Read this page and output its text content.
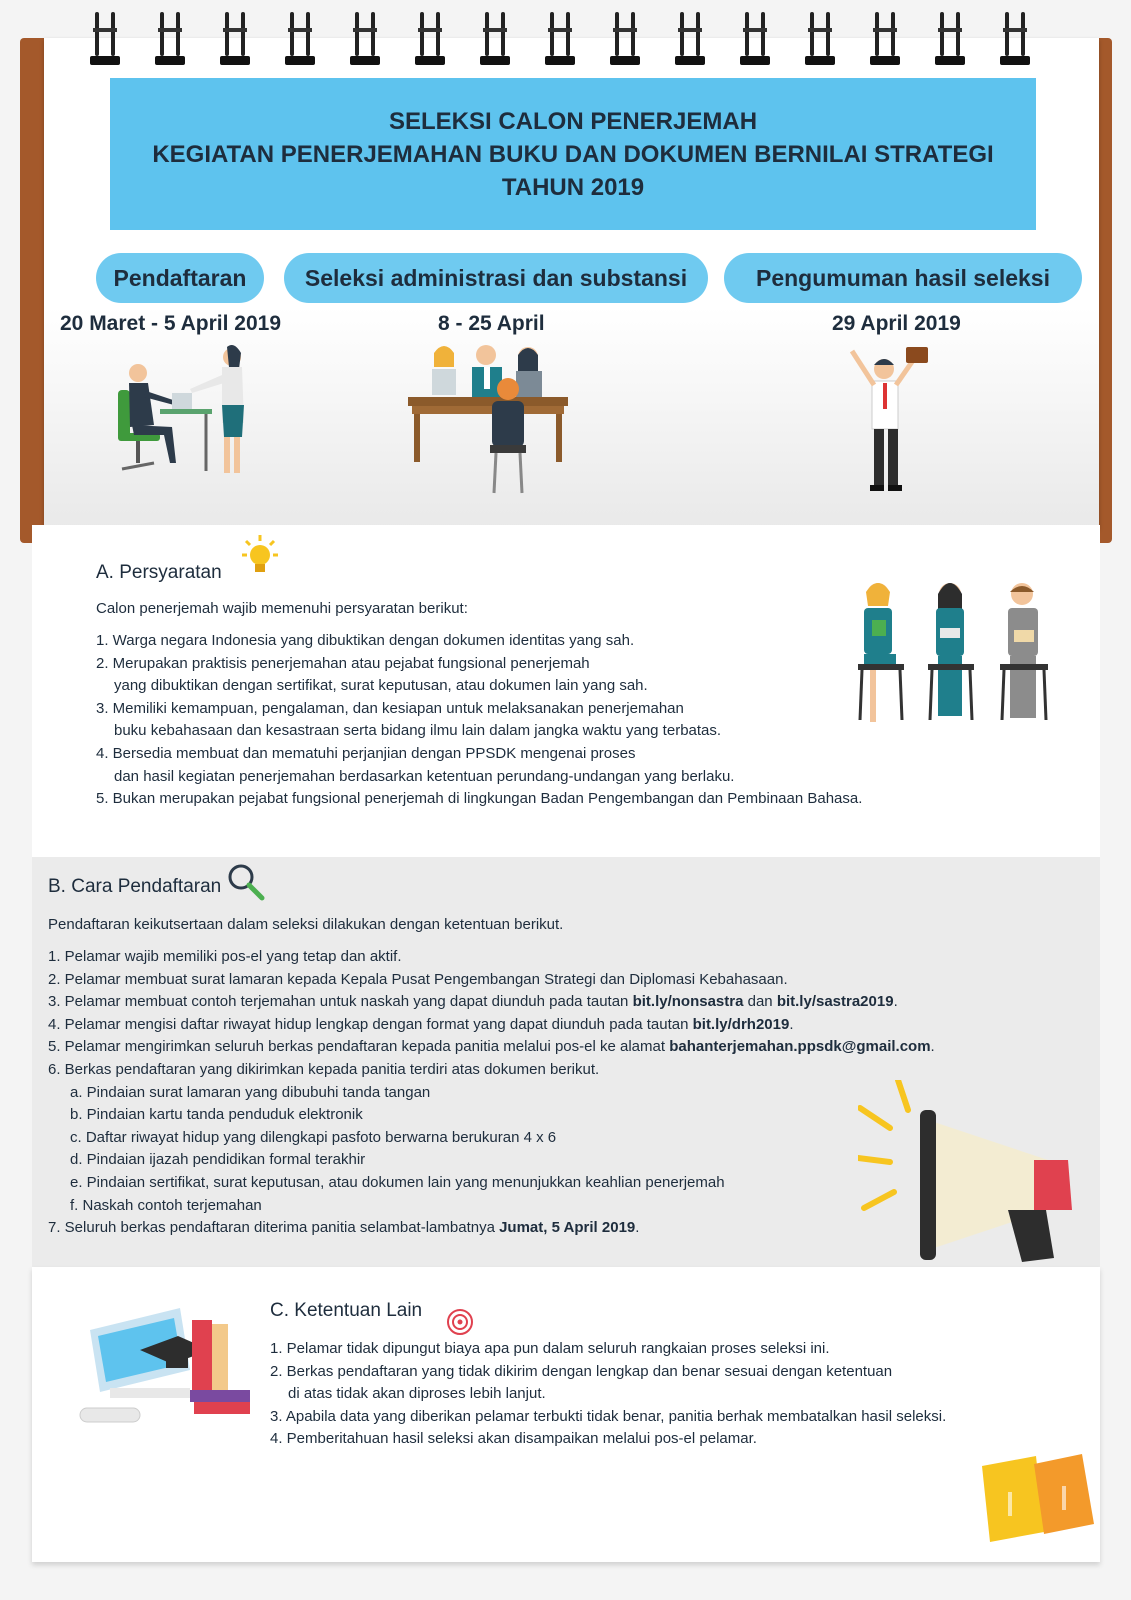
SELEKSI CALON PENERJEMAH
KEGIATAN PENERJEMAHAN BUKU DAN DOKUMEN BERNILAI STRATEGI
TAHUN 2019
Pendaftaran	Seleksi administrasi dan substansi	Pengumuman hasil seleksi
20 Maret - 5 April 2019	8 - 25 April	29 April 2019
A. Persyaratan
Calon penerjemah wajib memenuhi persyaratan berikut:
1. Warga negara Indonesia yang dibuktikan dengan dokumen identitas yang sah.
2. Merupakan praktisis penerjemahan atau pejabat fungsional penerjemah
yang dibuktikan dengan sertifikat, surat keputusan, atau dokumen lain yang sah.
3. Memiliki kemampuan, pengalaman, dan kesiapan untuk melaksanakan penerjemahan
buku kebahasaan dan kesastraan serta bidang ilmu lain dalam jangka waktu yang terbatas.
4. Bersedia membuat dan mematuhi perjanjian dengan PPSDK mengenai proses
dan hasil kegiatan penerjemahan berdasarkan ketentuan perundang-undangan yang berlaku.
5. Bukan merupakan pejabat fungsional penerjemah di lingkungan Badan Pengembangan dan Pembinaan Bahasa.
B. Cara Pendaftaran
Pendaftaran keikutsertaan dalam seleksi dilakukan dengan ketentuan berikut.
1. Pelamar wajib memiliki pos-el yang tetap dan aktif.
2. Pelamar membuat surat lamaran kepada Kepala Pusat Pengembangan Strategi dan Diplomasi Kebahasaan.
3. Pelamar membuat contoh terjemahan untuk naskah yang dapat diunduh pada tautan bit.ly/nonsastra dan bit.ly/sastra2019.
4. Pelamar mengisi daftar riwayat hidup lengkap dengan format yang dapat diunduh pada tautan bit.ly/drh2019.
5. Pelamar mengirimkan seluruh berkas pendaftaran kepada panitia melalui pos-el ke alamat bahanterjemahan.ppsdk@gmail.com.
6. Berkas pendaftaran yang dikirimkan kepada panitia terdiri atas dokumen berikut.
a. Pindaian surat lamaran yang dibubuhi tanda tangan
b. Pindaian kartu tanda penduduk elektronik
c. Daftar riwayat hidup yang dilengkapi pasfoto berwarna berukuran 4 x 6
d. Pindaian ijazah pendidikan formal terakhir
e. Pindaian sertifikat, surat keputusan, atau dokumen lain yang menunjukkan keahlian penerjemah
f. Naskah contoh terjemahan
7. Seluruh berkas pendaftaran diterima panitia selambat-lambatnya Jumat, 5 April 2019.
C. Ketentuan Lain
1. Pelamar tidak dipungut biaya apa pun dalam seluruh rangkaian proses seleksi ini.
2. Berkas pendaftaran yang tidak dikirim dengan lengkap dan benar sesuai dengan ketentuan
di atas tidak akan diproses lebih lanjut.
3. Apabila data yang diberikan pelamar terbukti tidak benar, panitia berhak membatalkan hasil seleksi.
4. Pemberitahuan hasil seleksi akan disampaikan melalui pos-el pelamar.
